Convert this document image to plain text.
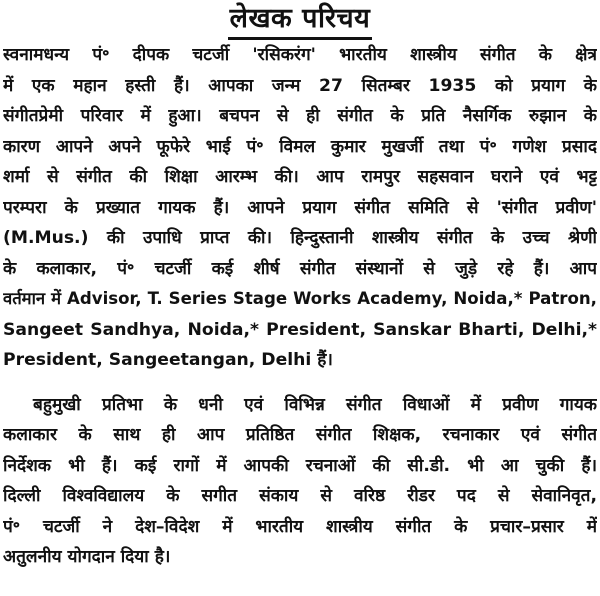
लेखक परिचय

स्वनामधन्य पं॰ दीपक चटर्जी 'रसिकरंग' भारतीय शास्त्रीय संगीत के क्षेत्र
में एक महान हस्ती हैं। आपका जन्म 27 सितम्बर 1935 को प्रयाग के
संगीतप्रेमी परिवार में हुआ। बचपन से ही संगीत के प्रति नैसर्गिक रुझान के
कारण आपने अपने फूफेरे भाई पं॰ विमल कुमार मुखर्जी तथा पं॰ गणेश प्रसाद
शर्मा से संगीत की शिक्षा आरम्भ की। आप रामपुर सहसवान घराने एवं भट्ट
परम्परा के प्रख्यात गायक हैं। आपने प्रयाग संगीत समिति से 'संगीत प्रवीण'
(M.Mus.) की उपाधि प्राप्त की। हिन्दुस्तानी शास्त्रीय संगीत के उच्च श्रेणी
के कलाकार, पं॰ चटर्जी कई शीर्ष संगीत संस्थानों से जुड़े रहे हैं। आप
वर्तमान में Advisor, T. Series Stage Works Academy, Noida,* Patron,
Sangeet Sandhya, Noida,* President, Sanskar Bharti, Delhi,*
President, Sangeetangan, Delhi हैं।

बहुमुखी प्रतिभा के धनी एवं विभिन्न संगीत विधाओं में प्रवीण गायक
कलाकार के साथ ही आप प्रतिष्ठित संगीत शिक्षक, रचनाकार एवं संगीत
निर्देशक भी हैं। कई रागों में आपकी रचनाओं की सी.डी. भी आ चुकी हैं।
दिल्ली विश्वविद्यालय के सगीत संकाय से वरिष्ठ रीडर पद से सेवानिवृत,
पं॰ चटर्जी ने देश–विदेश में भारतीय शास्त्रीय संगीत के प्रचार–प्रसार में
अतुलनीय योगदान दिया है।
